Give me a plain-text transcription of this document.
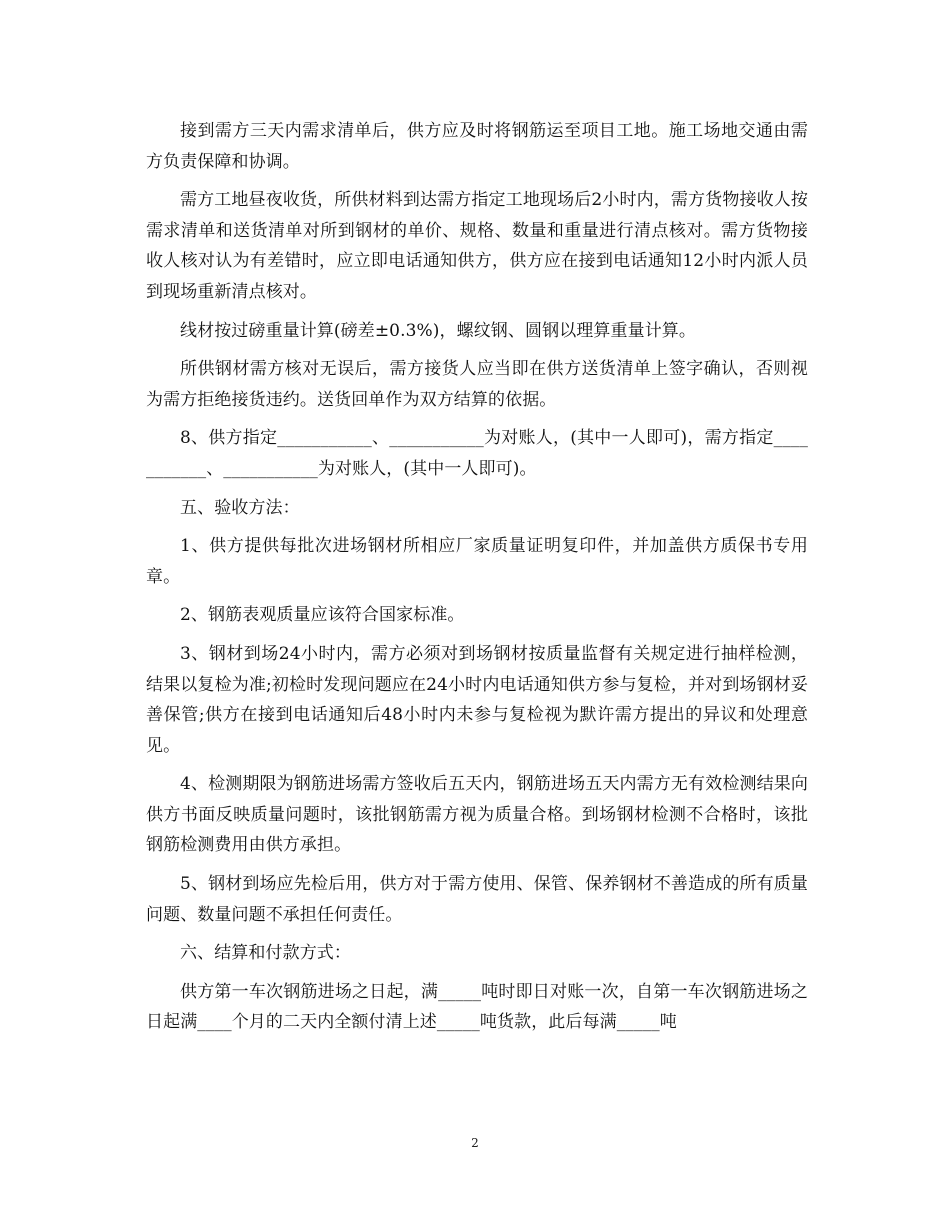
接到需方三天内需求清单后，供方应及时将钢筋运至项目工地。施工场地交通由需方负责保障和协调。

需方工地昼夜收货，所供材料到达需方指定工地现场后2小时内，需方货物接收人按需求清单和送货清单对所到钢材的单价、规格、数量和重量进行清点核对。需方货物接收人核对认为有差错时，应立即电话通知供方，供方应在接到电话通知12小时内派人员到现场重新清点核对。

线材按过磅重量计算(磅差±0.3%)，螺纹钢、圆钢以理算重量计算。

所供钢材需方核对无误后，需方接货人应当即在供方送货清单上签字确认，否则视为需方拒绝接货违约。送货回单作为双方结算的依据。

8、供方指定___________、___________为对账人，(其中一人即可)，需方指定___________、___________为对账人，(其中一人即可)。

五、验收方法：

1、供方提供每批次进场钢材所相应厂家质量证明复印件，并加盖供方质保书专用章。

2、钢筋表观质量应该符合国家标准。

3、钢材到场24小时内，需方必须对到场钢材按质量监督有关规定进行抽样检测，结果以复检为准;初检时发现问题应在24小时内电话通知供方参与复检，并对到场钢材妥善保管;供方在接到电话通知后48小时内未参与复检视为默许需方提出的异议和处理意见。

4、检测期限为钢筋进场需方签收后五天内，钢筋进场五天内需方无有效检测结果向供方书面反映质量问题时，该批钢筋需方视为质量合格。到场钢材检测不合格时，该批钢筋检测费用由供方承担。

5、钢材到场应先检后用，供方对于需方使用、保管、保养钢材不善造成的所有质量问题、数量问题不承担任何责任。

六、结算和付款方式：

供方第一车次钢筋进场之日起，满_____吨时即日对账一次，自第一车次钢筋进场之日起满____个月的二天内全额付清上述_____吨货款，此后每满_____吨

2
